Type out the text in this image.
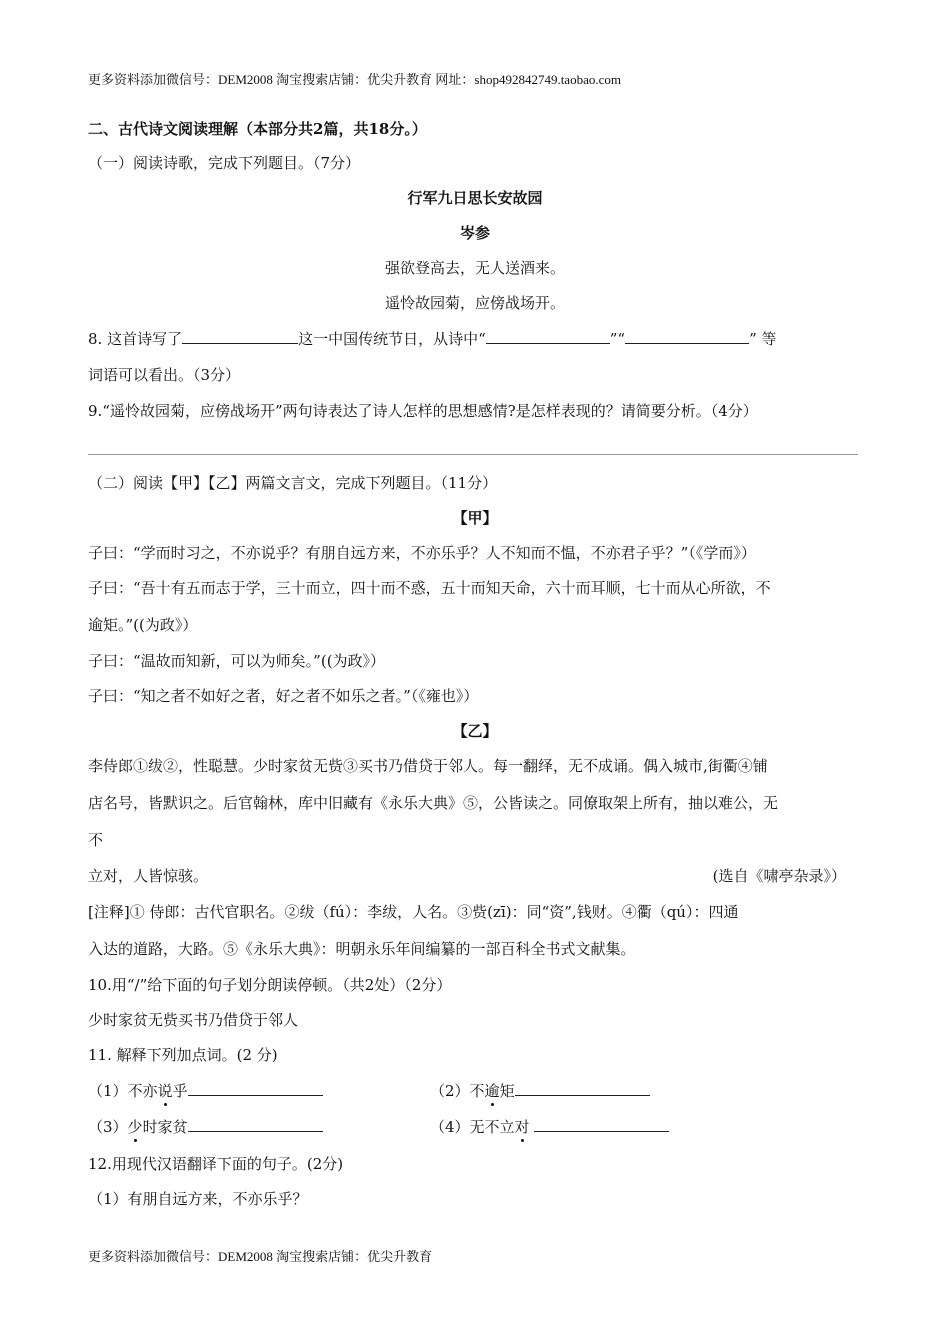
更多资料添加微信号：DEM2008 淘宝搜索店铺：优尖升教育 网址：shop492842749.taobao.com
二、古代诗文阅读理解（本部分共2篇，共18分。）
（一）阅读诗歌，完成下列题目。（7分）
行军九日思长安故园
岑参
强欲登高去，无人送酒来。
遥怜故园菊，应傍战场开。
8. 这首诗写了	这一中国传统节日，从诗中“	”“	” 等
词语可以看出。（3分）
9.“遥怜故园菊，应傍战场开”两句诗表达了诗人怎样的思想感情?是怎样表现的？请简要分析。（4分）
（二）阅读【甲】【乙】两篇文言文，完成下列题目。（11分）
【甲】
子曰：“学而时习之，不亦说乎？有朋自远方来，不亦乐乎？人不知而不愠，不亦君子乎？”（《学而》）
子曰：“吾十有五而志于学，三十而立，四十而不惑，五十而知天命，六十而耳顺，七十而从心所欲，不
逾矩。”((为政》）
子曰：“温故而知新，可以为师矣。”((为政》）
子曰：“知之者不如好之者，好之者不如乐之者。”（《雍也》）
【乙】
李侍郎①绂②，性聪慧。少时家贫无赀③买书乃借贷于邻人。每一翻绎，无不成诵。偶入城市,街衢④铺
店名号，皆默识之。后官翰林，库中旧藏有《永乐大典》⑤，公皆读之。同僚取架上所有，抽以难公，无
不
立对，人皆惊骇。	(选自《啸亭杂录》）
[注释]① 侍郎：古代官职名。②绂（fú）：李绂，人名。③赀(zī)：同“资”,钱财。④衢（qú）：四通
入达的道路，大路。⑤《永乐大典》：明朝永乐年间编纂的一部百科全书式文献集。
10.用“/”给下面的句子划分朗读停顿。（共2处）（2分）
少时家贫无赀买书乃借贷于邻人
11. 解释下列加点词。(2 分)
（1）不亦说乎	（2）不逾矩
（3）少时家贫	（4）无不立对
12.用现代汉语翻译下面的句子。(2分)
（1）有朋自远方来，不亦乐乎？
更多资料添加微信号：DEM2008 淘宝搜索店铺：优尖升教育
